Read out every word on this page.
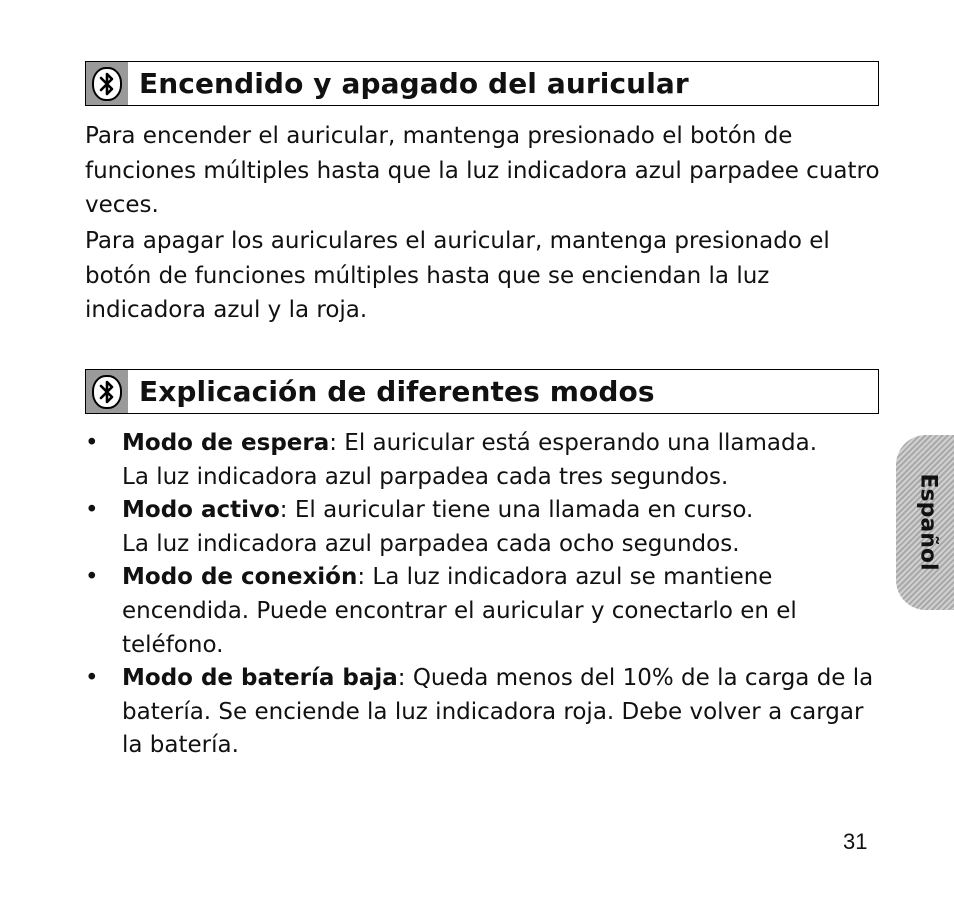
Encendido y apagado del auricular

Para encender el auricular, mantenga presionado el botón de funciones múltiples hasta que la luz indicadora azul parpadee cuatro veces.

Para apagar los auriculares el auricular, mantenga presionado el botón de funciones múltiples hasta que se enciendan la luz indicadora azul y la roja.

Explicación de diferentes modos
• Modo de espera: El auricular está esperando una llamada.
La luz indicadora azul parpadea cada tres segundos.
• Modo activo: El auricular tiene una llamada en curso.
La luz indicadora azul parpadea cada ocho segundos.
• Modo de conexión: La luz indicadora azul se mantiene encendida. Puede encontrar el auricular y conectarlo en el teléfono.
• Modo de batería baja: Queda menos del 10% de la carga de la batería. Se enciende la luz indicadora roja. Debe volver a cargar la batería.
Español
31
